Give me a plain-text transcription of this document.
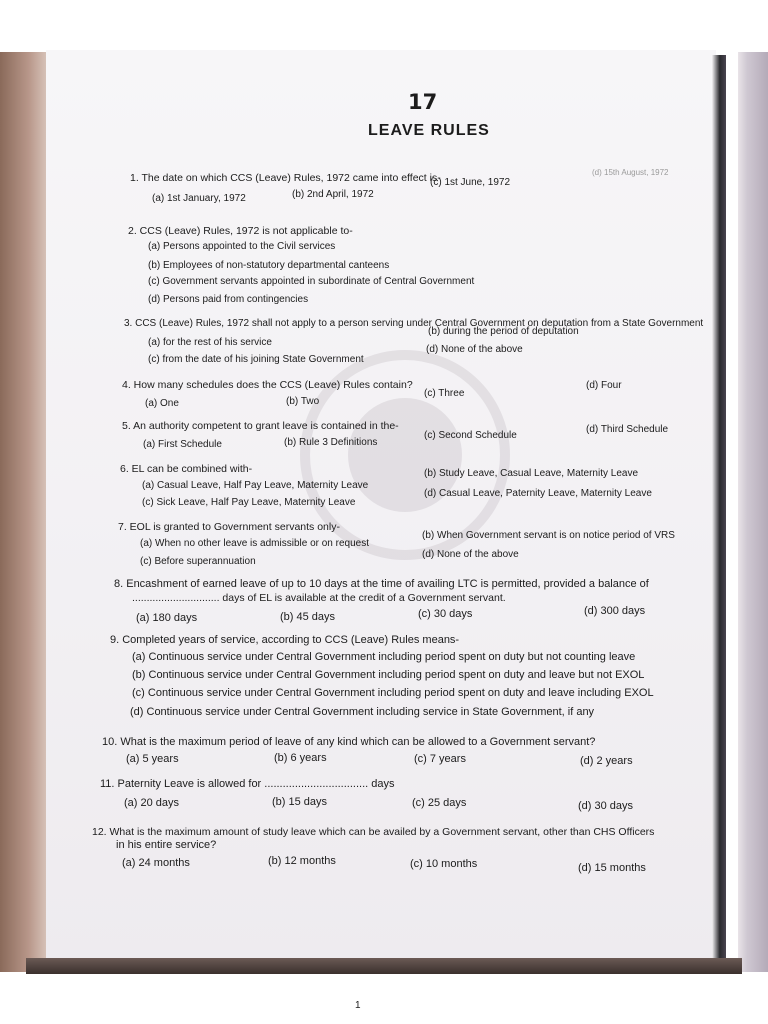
17
LEAVE RULES
(d) 15th August, 1972
1. The date on which CCS (Leave) Rules, 1972 came into effect is-
(a) 1st January, 1972	(b) 2nd April, 1972
(c) 1st June, 1972
2. CCS (Leave) Rules, 1972 is not applicable to-
(a) Persons appointed to the Civil services
(b) Employees of non-statutory departmental canteens
(c) Government servants appointed in subordinate of Central Government
(d) Persons paid from contingencies
3. CCS (Leave) Rules, 1972 shall not apply to a person serving under Central Government on deputation from a State Government
(a) for the rest of his service
(b) during the period of deputation
(c) from the date of his joining State Government
(d) None of the above
4. How many schedules does the CCS (Leave) Rules contain?
(a) One	(b) Two
(c) Three
(d) Four
5. An authority competent to grant leave is contained in the-
(a) First Schedule	(b) Rule 3 Definitions
(c) Second Schedule
(d) Third Schedule
6. EL can be combined with-
(a) Casual Leave, Half Pay Leave, Maternity Leave
(b) Study Leave, Casual Leave, Maternity Leave
(c) Sick Leave, Half Pay Leave, Maternity Leave
(d) Casual Leave, Paternity Leave, Maternity Leave
7. EOL is granted to Government servants only-
(a) When no other leave is admissible or on request
(b) When Government servant is on notice period of VRS
(c) Before superannuation
(d) None of the above
8. Encashment of earned leave of up to 10 days at the time of availing LTC is permitted, provided a balance of
.............................. days of EL is available at the credit of a Government servant.
(a) 180 days	(b) 45 days	(c) 30 days	(d) 300 days
9. Completed years of service, according to CCS (Leave) Rules means-
(a) Continuous service under Central Government including period spent on duty but not counting leave
(b) Continuous service under Central Government including period spent on duty and leave but not EXOL
(c) Continuous service under Central Government including period spent on duty and leave including EXOL
(d) Continuous service under Central Government including service in State Government, if any
10. What is the maximum period of leave of any kind which can be allowed to a Government servant?
(a) 5 years	(b) 6 years	(c) 7 years	(d) 2 years
11. Paternity Leave is allowed for .................................. days
(a) 20 days	(b) 15 days	(c) 25 days	(d) 30 days
12. What is the maximum amount of study leave which can be availed by a Government servant, other than CHS Officers
in his entire service?
(a) 24 months	(b) 12 months	(c) 10 months	(d) 15 months
1
